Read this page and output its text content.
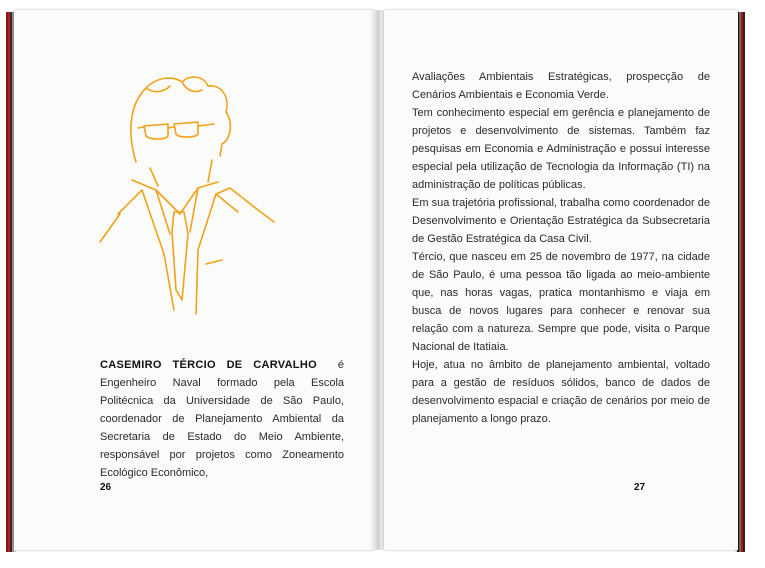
CASEMIRO TÉRCIO DE CARVALHO é Engenheiro Naval formado pela Escola Politécnica da Universidade de São Paulo, coordenador de Planejamento Ambiental da Secretaria de Estado do Meio Ambiente, responsável por projetos como Zoneamento Ecológico Econômico,

26

Avaliações Ambientais Estratégicas, prospecção de Cenários Ambientais e Economia Verde.

Tem conhecimento especial em gerência e planejamento de projetos e desenvolvimento de sistemas. Também faz pesquisas em Economia e Administração e possui interesse especial pela utilização de Tecnologia da Informação (TI) na administração de políticas públicas.

Em sua trajetória profissional, trabalha como coordenador de Desenvolvimento e Orientação Estratégica da Subsecretaria de Gestão Estratégica da Casa Civil.

Tércio, que nasceu em 25 de novembro de 1977, na cidade de São Paulo, é uma pessoa tão ligada ao meio-ambiente que, nas horas vagas, pratica montanhismo e viaja em busca de novos lugares para conhecer e renovar sua relação com a natureza. Sempre que pode, visita o Parque Nacional de Itatiaia.

Hoje, atua no âmbito de planejamento ambiental, voltado para a gestão de resíduos sólidos, banco de dados de desenvolvimento espacial e criação de cenários por meio de planejamento a longo prazo.

27
